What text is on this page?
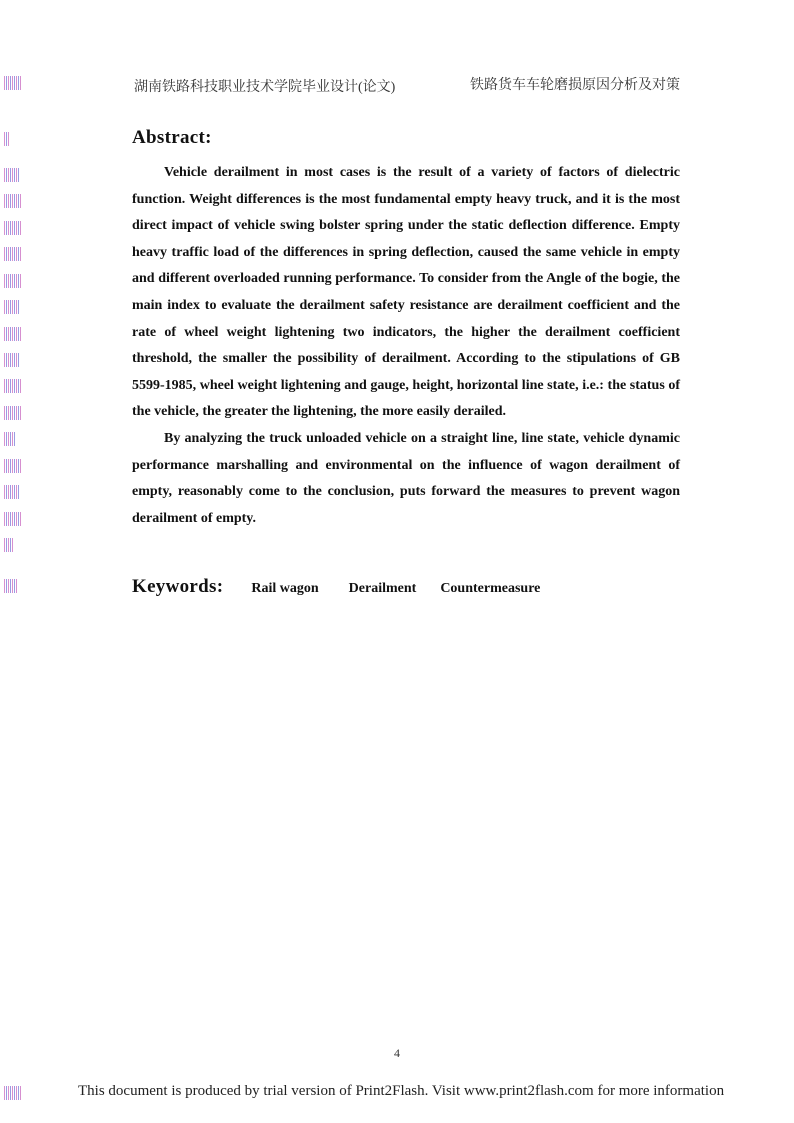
湖南铁路科技职业技术学院毕业设计(论文)	铁路货车车轮磨损原因分析及对策
Abstract:

Vehicle derailment in most cases is the result of a variety of factors of dielectric function. Weight differences is the most fundamental empty heavy truck, and it is the most direct impact of vehicle swing bolster spring under the static deflection difference. Empty heavy traffic load of the differences in spring deflection, caused the same vehicle in empty and different overloaded running performance. To consider from the Angle of the bogie, the main index to evaluate the derailment safety resistance are derailment coefficient and the rate of wheel weight lightening two indicators, the higher the derailment coefficient threshold, the smaller the possibility of derailment. According to the stipulations of GB 5599-1985, wheel weight lightening and gauge, height, horizontal line state, i.e.: the status of the vehicle, the greater the lightening, the more easily derailed.

By analyzing the truck unloaded vehicle on a straight line, line state, vehicle dynamic performance marshalling and environmental on the influence of wagon derailment of empty, reasonably come to the conclusion, puts forward the measures to prevent wagon derailment of empty.

Keywords: Rail wagon Derailment Countermeasure
4
This document is produced by trial version of Print2Flash. Visit www.print2flash.com for more information
